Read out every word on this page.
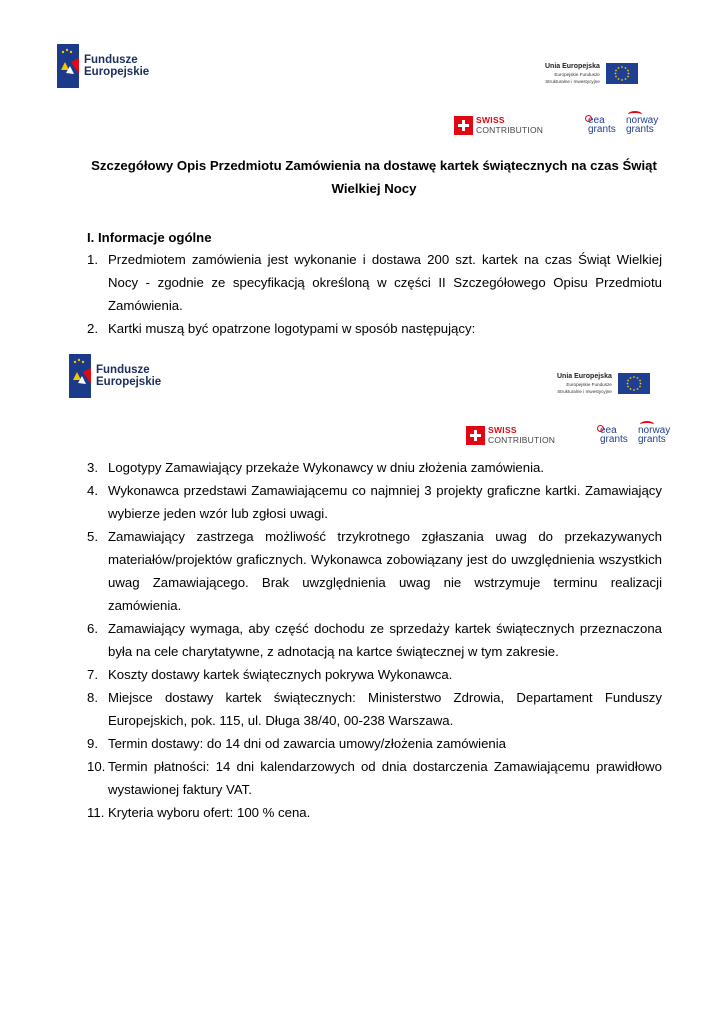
Fundusze
Europejskie	Unia Europejska
Europejskie Fundusze
Strukturalne i Inwestycyjne
SWISS
CONTRIBUTION
eea
grants
norway
grants
Szczegółowy Opis Przedmiotu Zamówienia na dostawę kartek świątecznych na czas Świąt
Wielkiej Nocy
I. Informacje ogólne
1. Przedmiotem zamówienia jest wykonanie i dostawa 200 szt. kartek na czas Świąt Wielkiej Nocy - zgodnie ze specyfikacją określoną w części II Szczegółowego Opisu Przedmiotu Zamówienia.
2. Kartki muszą być opatrzone logotypami w sposób następujący:
Fundusze
Europejskie	Unia Europejska
Europejskie Fundusze
Strukturalne i Inwestycyjne
SWISS
CONTRIBUTION
eea
grants
norway
grants
3. Logotypy Zamawiający przekaże Wykonawcy w dniu złożenia zamówienia.
4. Wykonawca przedstawi Zamawiającemu co najmniej 3 projekty graficzne kartki. Zamawiający wybierze jeden wzór lub zgłosi uwagi.
5. Zamawiający zastrzega możliwość trzykrotnego zgłaszania uwag do przekazywanych materiałów/projektów graficznych. Wykonawca zobowiązany jest do uwzględnienia wszystkich uwag Zamawiającego. Brak uwzględnienia uwag nie wstrzymuje terminu realizacji zamówienia.
6. Zamawiający wymaga, aby część dochodu ze sprzedaży kartek świątecznych przeznaczona była na cele charytatywne, z adnotacją na kartce świątecznej w tym zakresie.
7. Koszty dostawy kartek świątecznych pokrywa Wykonawca.
8. Miejsce dostawy kartek świątecznych: Ministerstwo Zdrowia, Departament Funduszy Europejskich, pok. 115, ul. Długa 38/40, 00-238 Warszawa.
9. Termin dostawy: do 14 dni od zawarcia umowy/złożenia zamówienia
10. Termin płatności: 14 dni kalendarzowych od dnia dostarczenia Zamawiającemu prawidłowo wystawionej faktury VAT.
11. Kryteria wyboru ofert: 100 % cena.
